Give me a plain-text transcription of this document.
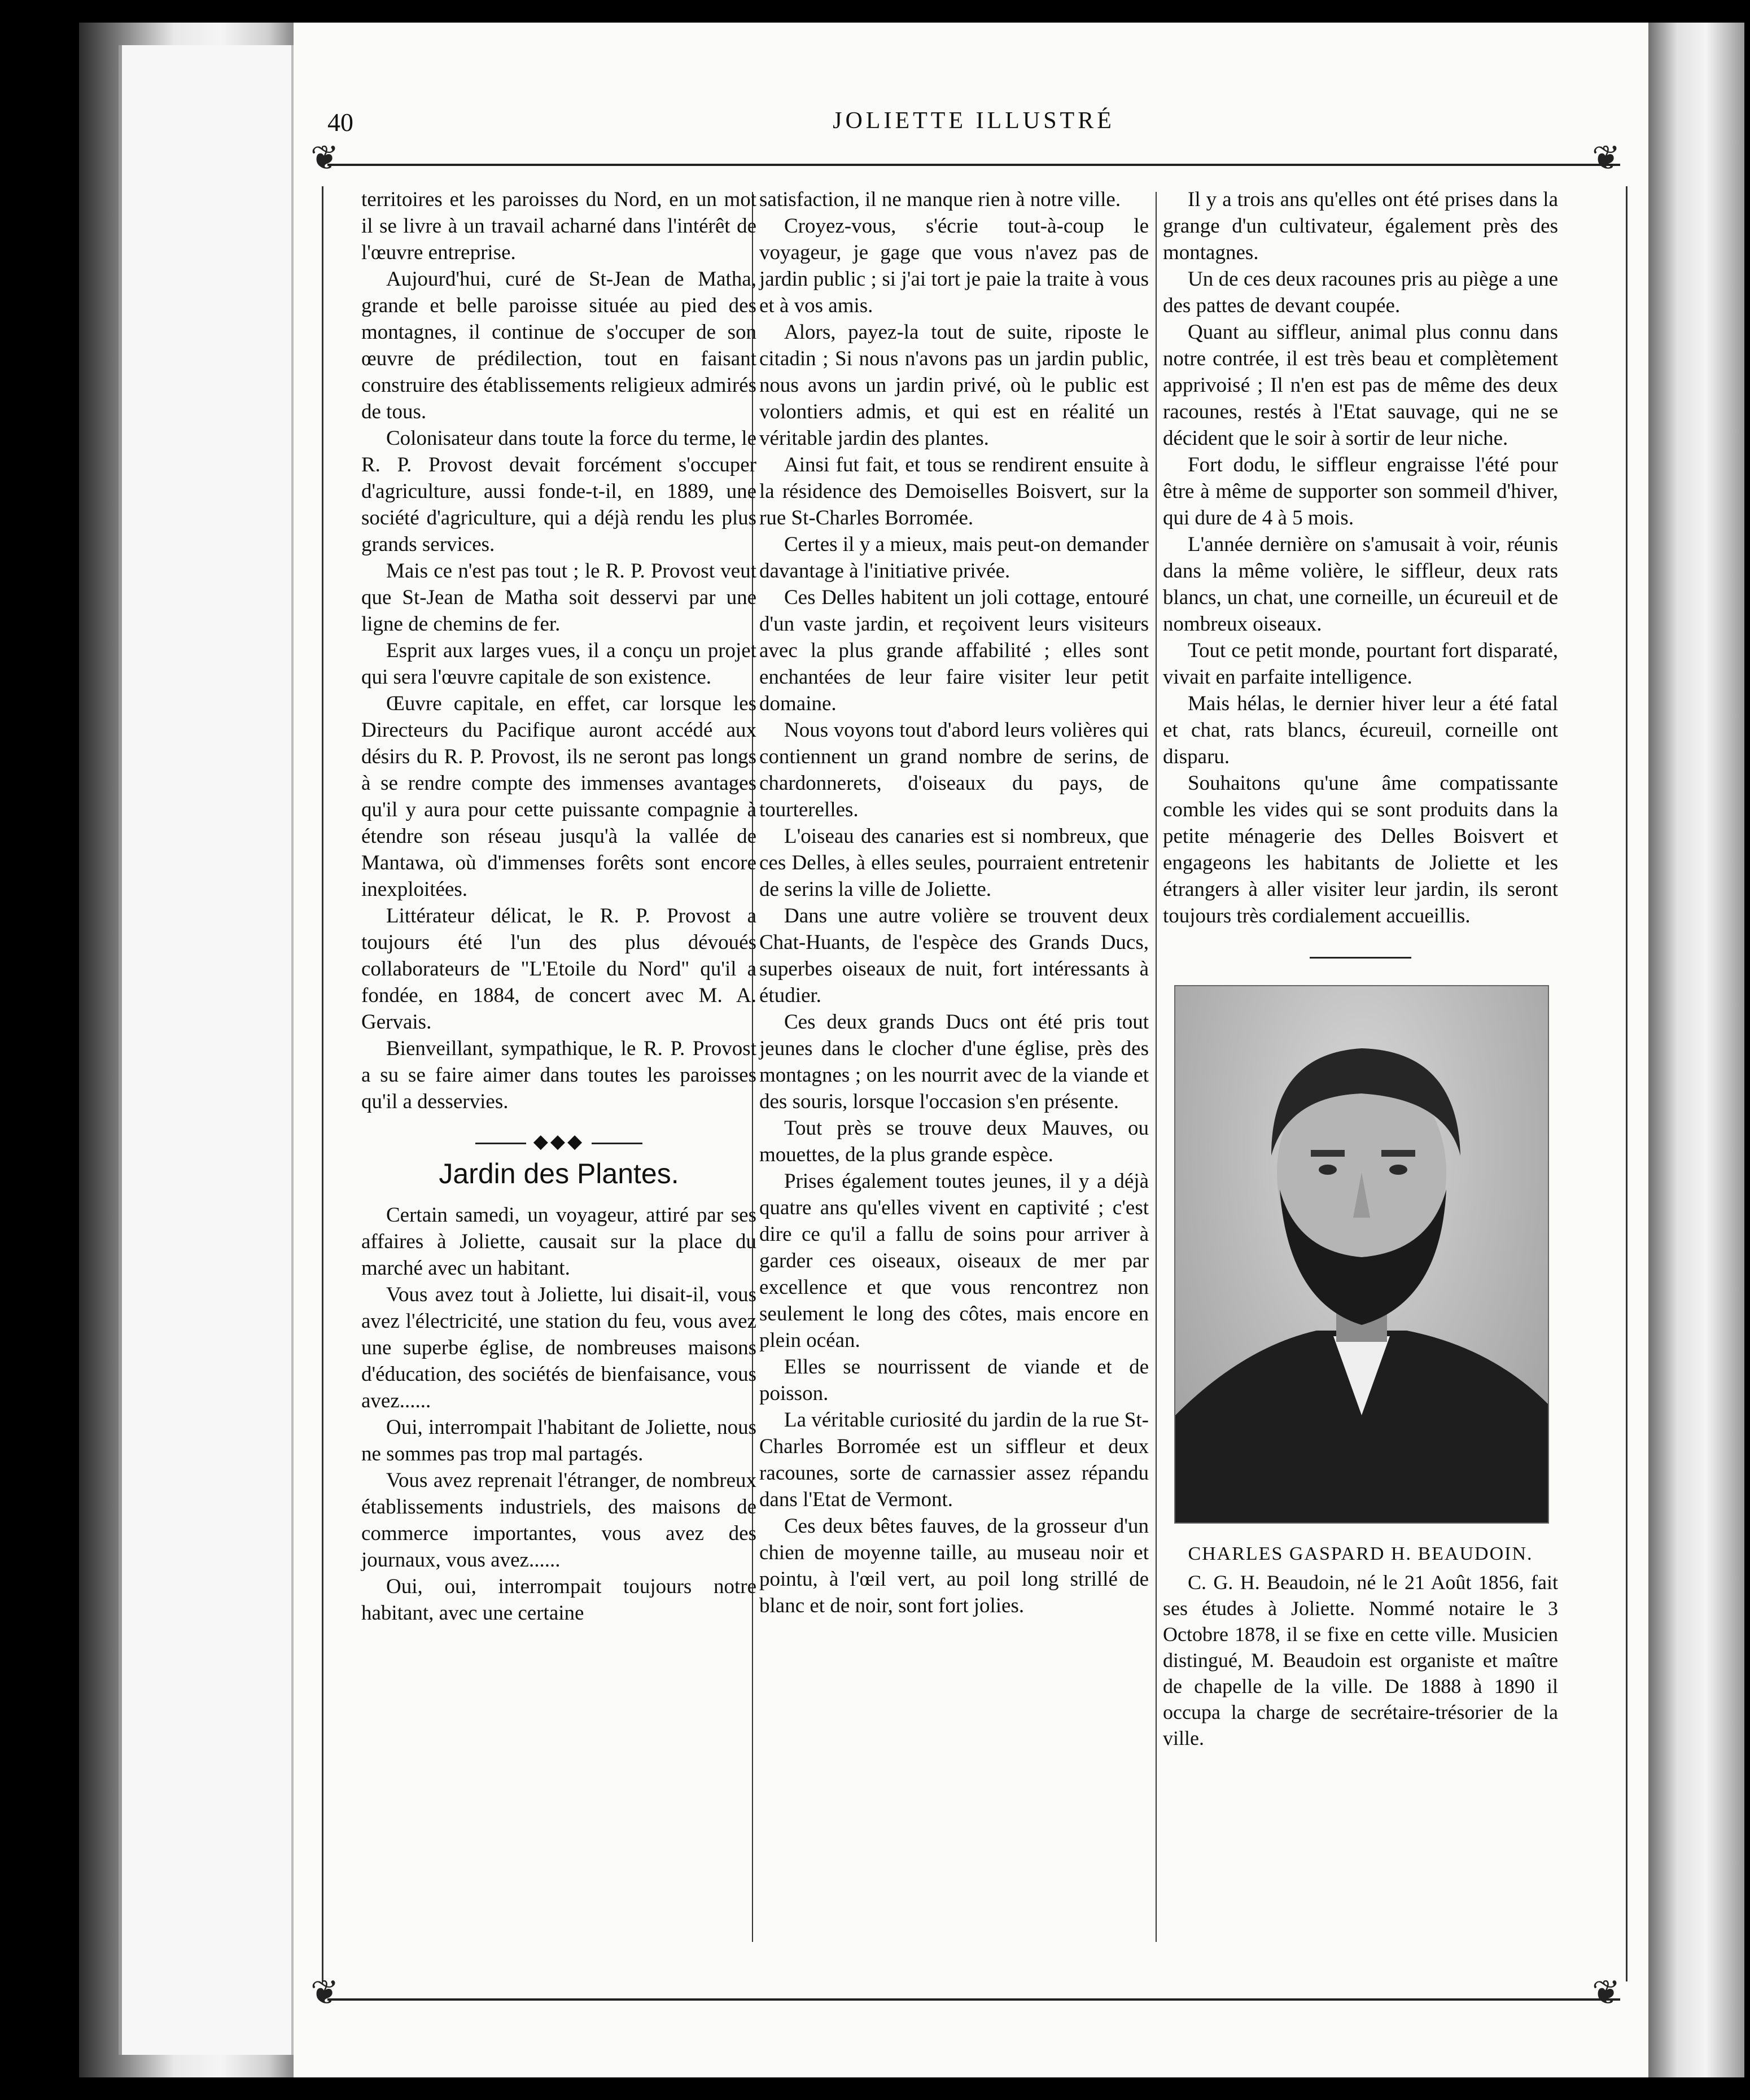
JOLIETTE ILLUSTRÉ
40
❦	❦
❦	❦

territoires et les paroisses du Nord, en un mot il se livre à un travail acharné dans l'intérêt de l'œuvre entreprise.

Aujourd'hui, curé de St-Jean de Matha, grande et belle paroisse située au pied des montagnes, il continue de s'occuper de son œuvre de prédilection, tout en faisant construire des établissements religieux admirés de tous.

Colonisateur dans toute la force du terme, le R. P. Provost devait forcément s'occuper d'agriculture, aussi fonde-t-il, en 1889, une société d'agriculture, qui a déjà rendu les plus grands services.

Mais ce n'est pas tout ; le R. P. Provost veut que St-Jean de Matha soit desservi par une ligne de chemins de fer.

Esprit aux larges vues, il a conçu un projet qui sera l'œuvre capitale de son existence.

Œuvre capitale, en effet, car lorsque les Directeurs du Pacifique auront accédé aux désirs du R. P. Provost, ils ne seront pas longs à se rendre compte des immenses avantages qu'il y aura pour cette puissante compagnie à étendre son réseau jusqu'à la vallée de Mantawa, où d'immenses forêts sont encore inexploitées.

Littérateur délicat, le R. P. Provost a toujours été l'un des plus dévoués collaborateurs de "L'Etoile du Nord" qu'il a fondée, en 1884, de concert avec M. A. Gervais.

Bienveillant, sympathique, le R. P. Provost a su se faire aimer dans toutes les paroisses qu'il a desservies.

◆◆◆
Jardin des Plantes.

Certain samedi, un voyageur, attiré par ses affaires à Joliette, causait sur la place du marché avec un habitant.

Vous avez tout à Joliette, lui disait-il, vous avez l'électricité, une station du feu, vous avez une superbe église, de nombreuses maisons d'éducation, des sociétés de bienfaisance, vous avez......

Oui, interrompait l'habitant de Joliette, nous ne sommes pas trop mal partagés.

Vous avez reprenait l'étranger, de nombreux établissements industriels, des maisons de commerce importantes, vous avez des journaux, vous avez......

Oui, oui, interrompait toujours notre habitant, avec une certaine

satisfaction, il ne manque rien à notre ville.

Croyez-vous, s'écrie tout-à-coup le voyageur, je gage que vous n'avez pas de jardin public ; si j'ai tort je paie la traite à vous et à vos amis.

Alors, payez-la tout de suite, riposte le citadin ; Si nous n'avons pas un jardin public, nous avons un jardin privé, où le public est volontiers admis, et qui est en réalité un véritable jardin des plantes.

Ainsi fut fait, et tous se rendirent ensuite à la résidence des Demoiselles Boisvert, sur la rue St-Charles Borromée.

Certes il y a mieux, mais peut-on demander davantage à l'initiative privée.

Ces Delles habitent un joli cottage, entouré d'un vaste jardin, et reçoivent leurs visiteurs avec la plus grande affabilité ; elles sont enchantées de leur faire visiter leur petit domaine.

Nous voyons tout d'abord leurs volières qui contiennent un grand nombre de serins, de chardonnerets, d'oiseaux du pays, de tourterelles.

L'oiseau des canaries est si nombreux, que ces Delles, à elles seules, pourraient entretenir de serins la ville de Joliette.

Dans une autre volière se trouvent deux Chat-Huants, de l'espèce des Grands Ducs, superbes oiseaux de nuit, fort intéressants à étudier.

Ces deux grands Ducs ont été pris tout jeunes dans le clocher d'une église, près des montagnes ; on les nourrit avec de la viande et des souris, lorsque l'occasion s'en présente.

Tout près se trouve deux Mauves, ou mouettes, de la plus grande espèce.

Prises également toutes jeunes, il y a déjà quatre ans qu'elles vivent en captivité ; c'est dire ce qu'il a fallu de soins pour arriver à garder ces oiseaux, oiseaux de mer par excellence et que vous rencontrez non seulement le long des côtes, mais encore en plein océan.

Elles se nourrissent de viande et de poisson.

La véritable curiosité du jardin de la rue St-Charles Borromée est un siffleur et deux racounes, sorte de carnassier assez répandu dans l'Etat de Vermont.

Ces deux bêtes fauves, de la grosseur d'un chien de moyenne taille, au museau noir et pointu, à l'œil vert, au poil long strillé de blanc et de noir, sont fort jolies.

Il y a trois ans qu'elles ont été prises dans la grange d'un cultivateur, également près des montagnes.

Un de ces deux racounes pris au piège a une des pattes de devant coupée.

Quant au siffleur, animal plus connu dans notre contrée, il est très beau et complètement apprivoisé ; Il n'en est pas de même des deux racounes, restés à l'Etat sauvage, qui ne se décident que le soir à sortir de leur niche.

Fort dodu, le siffleur engraisse l'été pour être à même de supporter son sommeil d'hiver, qui dure de 4 à 5 mois.

L'année dernière on s'amusait à voir, réunis dans la même volière, le siffleur, deux rats blancs, un chat, une corneille, un écureuil et de nombreux oiseaux.

Tout ce petit monde, pourtant fort disparaté, vivait en parfaite intelligence.

Mais hélas, le dernier hiver leur a été fatal et chat, rats blancs, écureuil, corneille ont disparu.

Souhaitons qu'une âme compatissante comble les vides qui se sont produits dans la petite ménagerie des Delles Boisvert et engageons les habitants de Joliette et les étrangers à aller visiter leur jardin, ils seront toujours très cordialement accueillis.

CHARLES GASPARD H. BEAUDOIN.

C. G. H. Beaudoin, né le 21 Août 1856, fait ses études à Joliette. Nommé notaire le 3 Octobre 1878, il se fixe en cette ville. Musicien distingué, M. Beaudoin est organiste et maître de chapelle de la ville. De 1888 à 1890 il occupa la charge de secrétaire-trésorier de la ville.
